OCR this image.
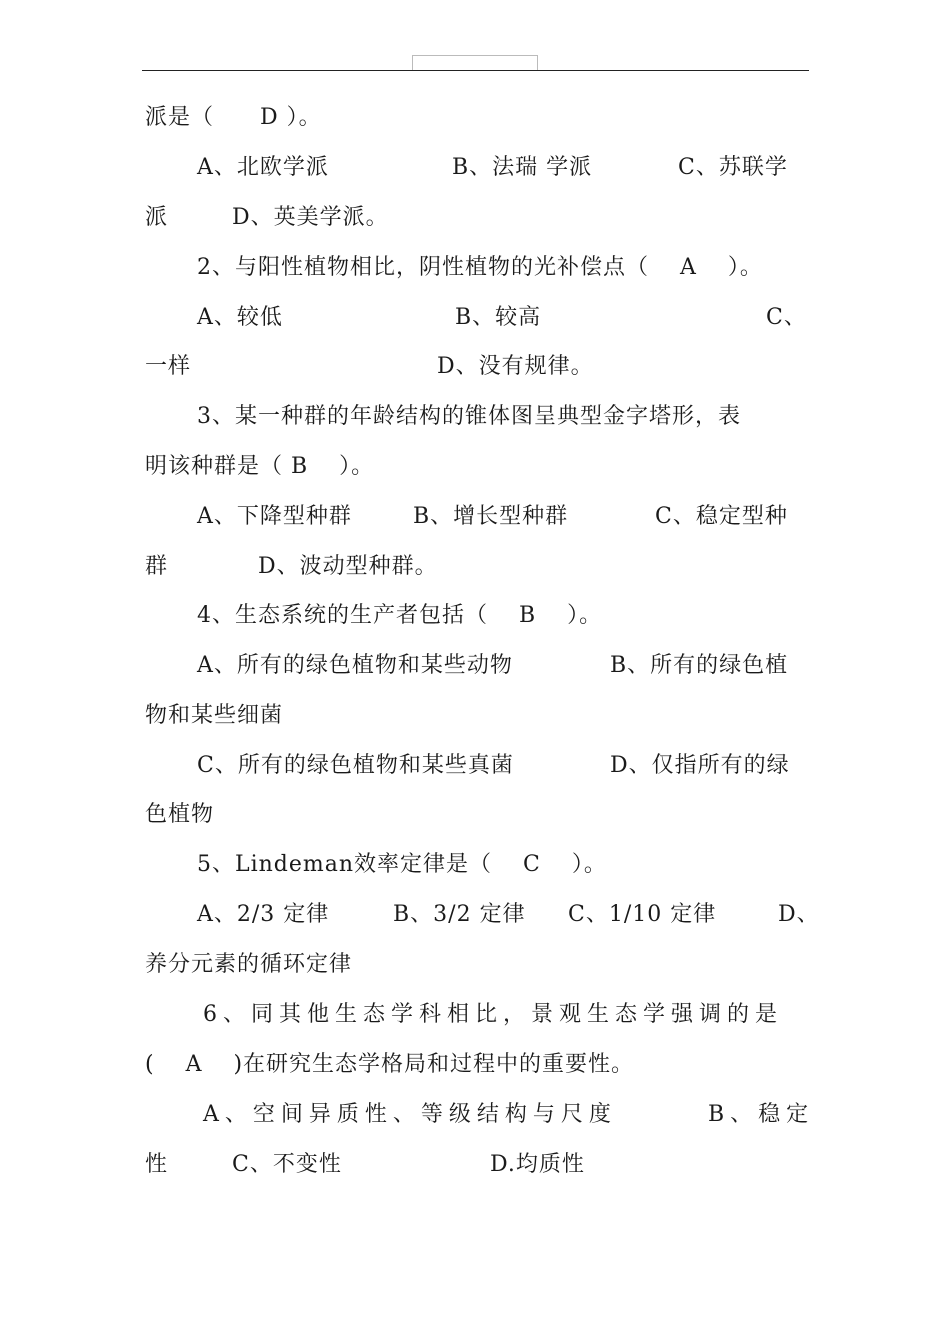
派是（　　D ）。
A、北欧学派	B、法瑞 学派	C、苏联学
派	D、英美学派。
2、与阳性植物相比，阴性植物的光补偿点（　 A　 ）。
A、较低	B、较高	C、
一样	D、没有规律。
3、某一种群的年龄结构的锥体图呈典型金字塔形，表
明该种群是（ B　 ）。
A、下降型种群	B、增长型种群	C、稳定型种
群	D、波动型种群。
4、生态系统的生产者包括（　 B　 ）。
A、所有的绿色植物和某些动物	B、所有的绿色植
物和某些细菌
C、所有的绿色植物和某些真菌	D、仅指所有的绿
色植物
5、Lindeman效率定律是（　 C　 ）。
A、2/3 定律	B、3/2 定律 C、1/10 定律	D、
养分元素的循环定律
6、同其他生态学科相比，景观生态学强调的是
(　 A　 )在研究生态学格局和过程中的重要性。
A、空间异质性、等级结构与尺度	B、稳定
性	C、不变性	D.均质性
